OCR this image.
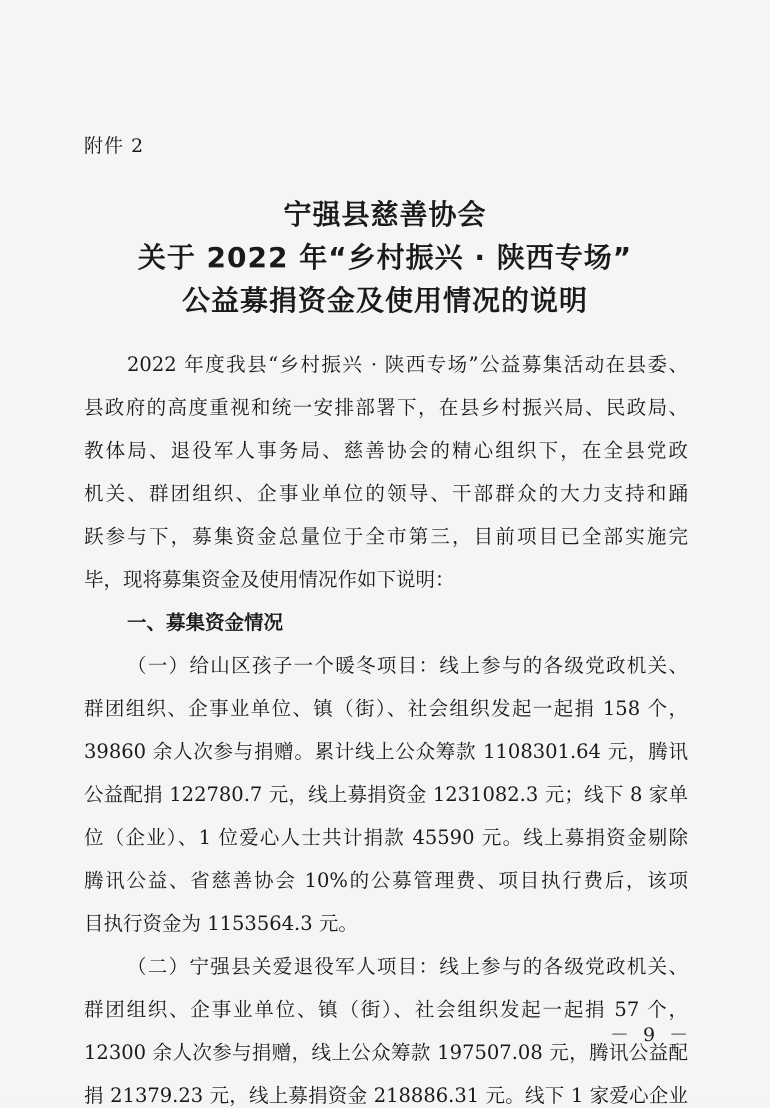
附件 2
宁强县慈善协会
关于 2022 年“乡村振兴 · 陕西专场”
公益募捐资金及使用情况的说明
2022 年度我县“乡村振兴 · 陕西专场”公益募集活动在县委、
县政府的高度重视和统一安排部署下，在县乡村振兴局、民政局、
教体局、退役军人事务局、慈善协会的精心组织下，在全县党政
机关、群团组织、企事业单位的领导、干部群众的大力支持和踊
跃参与下，募集资金总量位于全市第三，目前项目已全部实施完
毕，现将募集资金及使用情况作如下说明：
一、募集资金情况
（一）给山区孩子一个暖冬项目：线上参与的各级党政机关、
群团组织、企事业单位、镇（街）、社会组织发起一起捐 158 个，
39860 余人次参与捐赠。累计线上公众筹款 1108301.64 元，腾讯
公益配捐 122780.7 元，线上募捐资金 1231082.3 元；线下 8 家单
位（企业）、1 位爱心人士共计捐款 45590 元。线上募捐资金剔除
腾讯公益、省慈善协会 10%的公募管理费、项目执行费后，该项
目执行资金为 1153564.3 元。
（二）宁强县关爱退役军人项目：线上参与的各级党政机关、
群团组织、企事业单位、镇（街）、社会组织发起一起捐 57 个，
12300 余人次参与捐赠，线上公众筹款 197507.08 元，腾讯公益配
捐 21379.23 元，线上募捐资金 218886.31 元。线下 1 家爱心企业
－ 9 －
